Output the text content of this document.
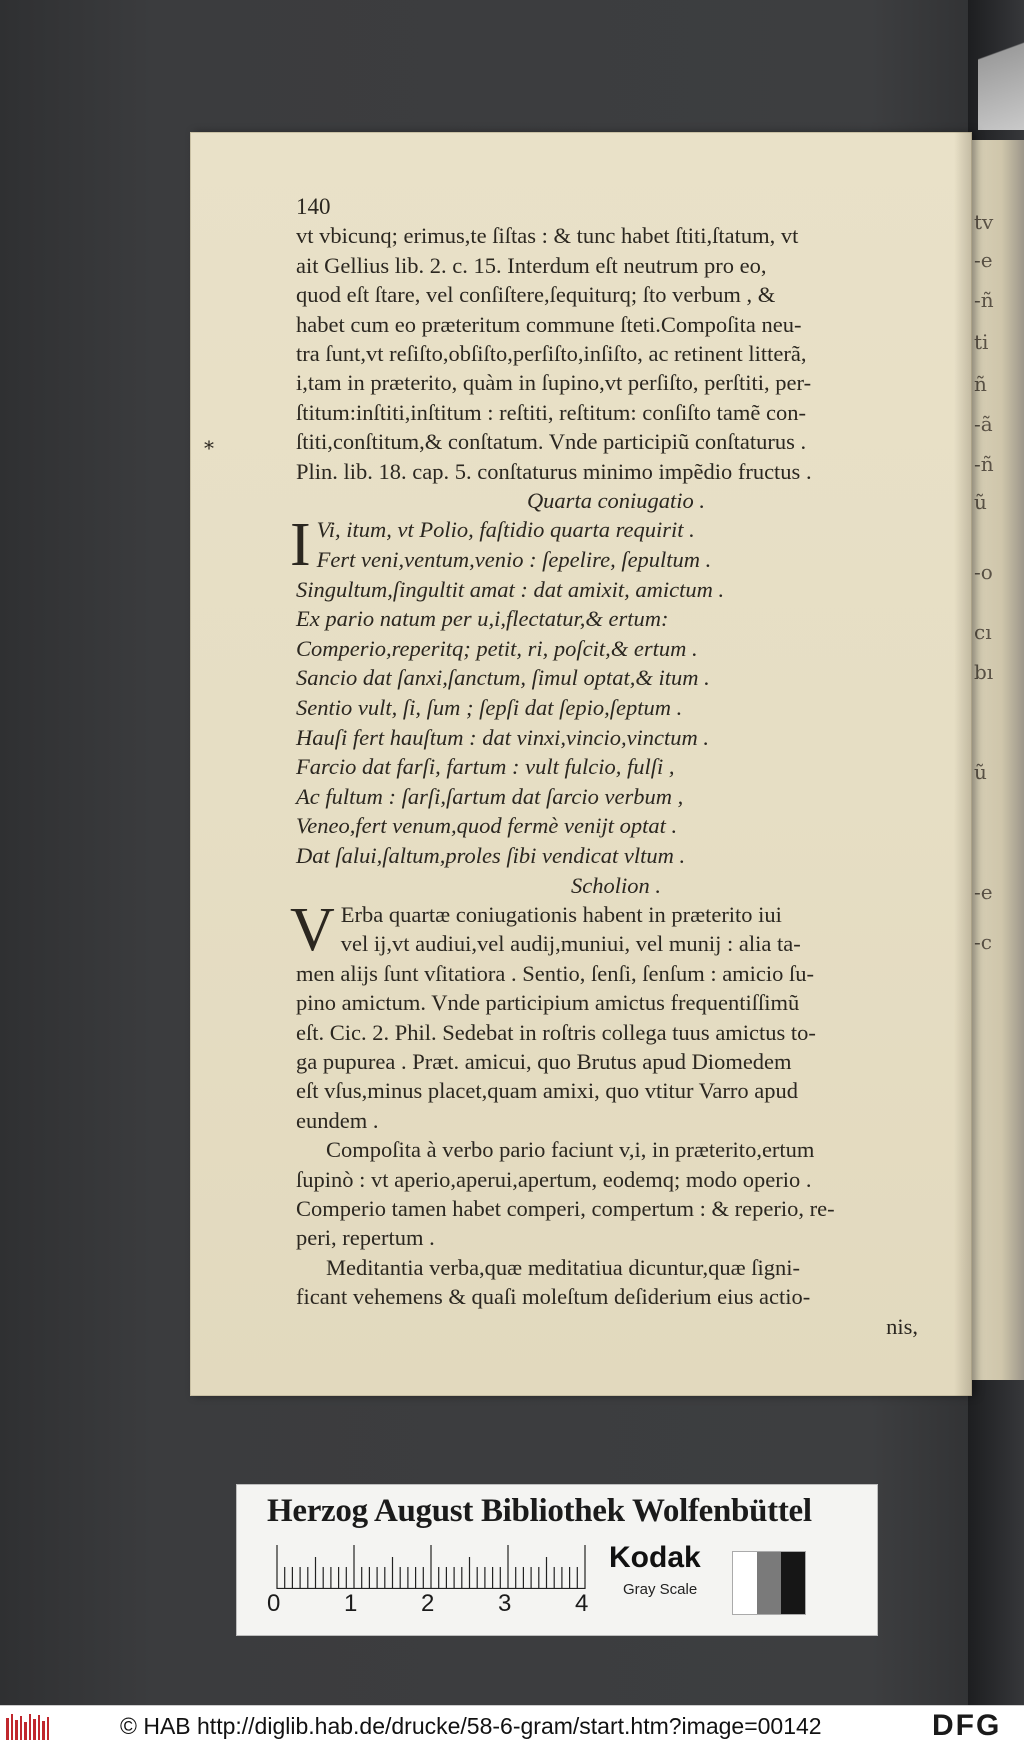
tv
-e
-ñ
ti
ñ
-ã
-ñ
ũ
-o
cı
bı
ũ
-e
-c
140
vt vbicunq; erimus,te ſiſtas : & tunc habet ſtiti,ſtatum, vt
ait Gellius lib. 2. c. 15. Interdum eſt neutrum pro eo,
quod eſt ſtare, vel conſiſtere,ſequiturq; ſto verbum , &
habet cum eo præteritum commune ſteti.Compoſita neu-
tra ſunt,vt reſiſto,obſiſto,perſiſto,inſiſto, ac retinent litterã,
i,tam in præterito, quàm in ſupino,vt perſiſto, perſtiti, per-
ſtitum:inſtiti,inſtitum : reſtiti, reſtitum: conſiſto tamẽ con-
ſtiti,conſtitum,& conſtatum. Vnde participiũ conſtaturus .
Plin. lib. 18. cap. 5. conſtaturus minimo impẽdio fructus .
Quarta coniugatio .
I Vi, itum, vt Polio, faſtidio quarta requirit .
Fert veni,ventum,venio : ſepelire, ſepultum .
Singultum,ſingultit amat : dat amixit, amictum .
Ex pario natum per u,i,flectatur,& ertum:
Comperio,reperitq; petit, ri, poſcit,& ertum .
Sancio dat ſanxi,ſanctum, ſimul optat,& itum .
Sentio vult, ſi, ſum ; ſepſi dat ſepio,ſeptum .
Hauſi fert hauſtum : dat vinxi,vincio,vinctum .
Farcio dat farſi, fartum : vult fulcio, fulſi ,
Ac fultum : ſarſi,ſartum dat ſarcio verbum ,
Veneo,fert venum,quod fermè venijt optat .
Dat ſalui,ſaltum,proles ſibi vendicat vltum .
Scholion .
V Erba quartæ coniugationis habent in præterito iui
vel ij,vt audiui,vel audij,muniui, vel munij : alia ta-
men alijs ſunt vſitatiora . Sentio, ſenſi, ſenſum : amicio ſu-
pino amictum. Vnde participium amictus frequentiſſimũ
eſt. Cic. 2. Phil. Sedebat in roſtris collega tuus amictus to-
ga pupurea . Præt. amicui, quo Brutus apud Diomedem
eſt vſus,minus placet,quam amixi, quo vtitur Varro apud
eundem .
Compoſita à verbo pario faciunt v,i, in præterito,ertum
ſupinò : vt aperio,aperui,apertum, eodemq; modo operio .
Comperio tamen habet comperi, compertum : & reperio, re-
peri, repertum .
Meditantia verba,quæ meditatiua dicuntur,quæ ſigni-
ficant vehemens & quaſi moleſtum deſiderium eius actio-
nis,
*
Herzog August Bibliothek Wolfenbüttel
0	1	2	3	4
Kodak
Gray Scale
© HAB http://diglib.hab.de/drucke/58-6-gram/start.htm?image=00142	DFG
